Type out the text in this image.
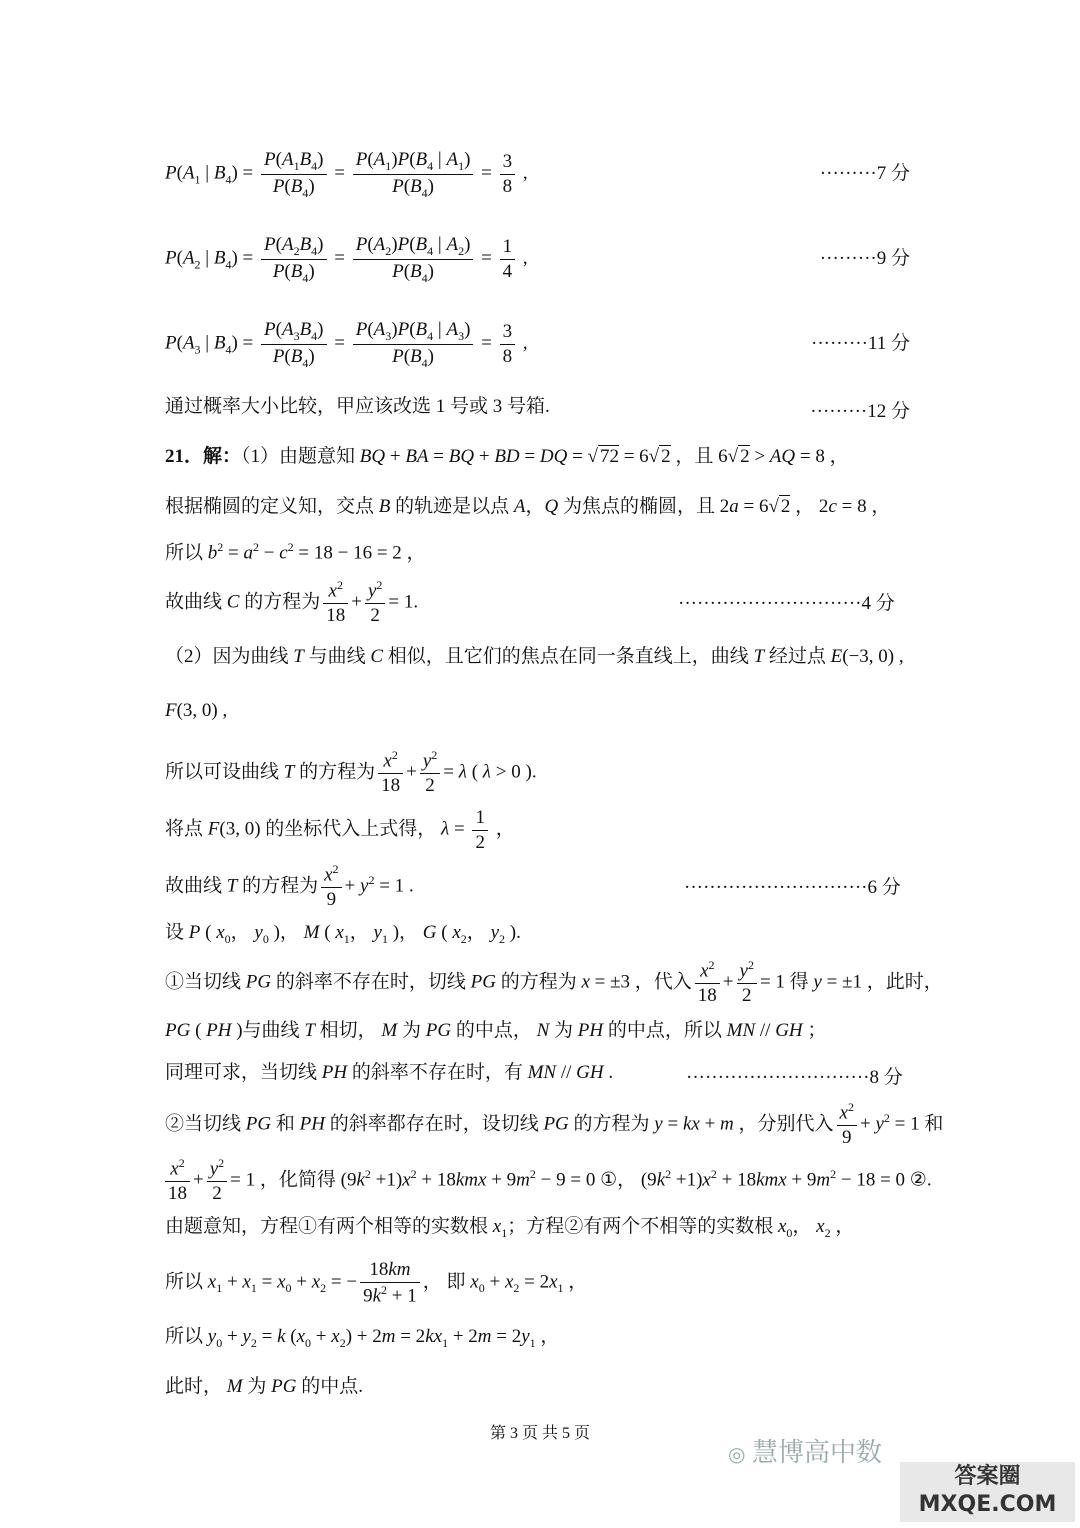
$P(A_1$ | $B_4) = \frac{P(A_1B_4)}{P(B_4)} = \frac{P(A_1)P(B_4 | A_1)}{P(B_4)} = \frac{3}{8}$ ,	·········7 分
$P(A_2$ | $B_4) = \frac{P(A_2B_4)}{P(B_4)} = \frac{P(A_2)P(B_4 | A_2)}{P(B_4)} = \frac{1}{4}$ ,	·········9 分
$P(A_3$ | $B_4) = \frac{P(A_3B_4)}{P(B_4)} = \frac{P(A_3)P(B_4 | A_3)}{P(B_4)} = \frac{3}{8}$ ,	·········11 分
通过概率大小比较，甲应该改选 1 号或 3 号箱.	·········12 分
21．解：（1）由题意知 BQ + BA = BQ + BD = DQ = √ 72 = 6√ 2 ，且 6√ 2 > AQ = 8 ，
根据椭圆的定义知，交点 B 的轨迹是以点 A，Q 为焦点的椭圆，且 2a = 6√ 2 ， 2c = 8 ，
所以 $b^2 = a^2 - c^2 = 18 - 16 = 2$ ，
故曲线 C 的方程为 $\frac{x^2}{18} + \frac{y^2}{2} = 1$.	·····························4 分
（2）因为曲线 T 与曲线 C 相似，且它们的焦点在同一条直线上，曲线 T 经过点 E(−3, 0) ,
F(3, 0) ,
所以可设曲线 T 的方程为 $\frac{x^2}{18} + \frac{y^2}{2} = \lambda$ ( λ > 0 ).
将点 F(3, 0) 的坐标代入上式得， $\lambda = \frac{1}{2}$ ，
故曲线 T 的方程为 $\frac{x^2}{9} + y^2 = 1$ .	·····························6 分
设 P ( $x_0$， $y_0$ )， M ( $x_1$， $y_1$ )， G ( $x_2$， $y_2$ ).
①当切线 PG 的斜率不存在时，切线 PG 的方程为 x = ±3 ，代入 $\frac{x^2}{18} + \frac{y^2}{2} = 1$ 得 y = ±1 ，此时，
PG ( PH )与曲线 T 相切， M 为 PG 的中点， N 为 PH 的中点，所以 MN // GH ；
同理可求，当切线 PH 的斜率不存在时，有 MN // GH .	·····························8 分
②当切线 PG 和 PH 的斜率都存在时，设切线 PG 的方程为 y = kx + m ，分别代入 $\frac{x^2}{9} + y^2 = 1$ 和
$\frac{x^2}{18} + \frac{y^2}{2} = 1$ ，化简得 $(9k^2 +1)x^2 + 18kmx + 9m^2 - 9 = 0$ ①， $(9k^2 +1)x^2 + 18kmx + 9m^2 - 18 = 0$ ②.
由题意知，方程①有两个相等的实数根 $x_1$；方程②有两个不相等的实数根 $x_0$， $x_2$ ，
所以 $x_1 + x_1 = x_0 + x_2$ = − $\frac{18km}{9k^2 + 1}$ ， 即 $x_0 + x_2 = 2x_1$ ，
所以 $y_0 + y_2 = k$ $(x_0 + x_2) + 2m = 2kx_1 + 2m = 2y_1$ ，
此时， M 为 PG 的中点.
第 3 页 共 5 页
◎ 慧博高中数
答案圈
MXQE.COM
